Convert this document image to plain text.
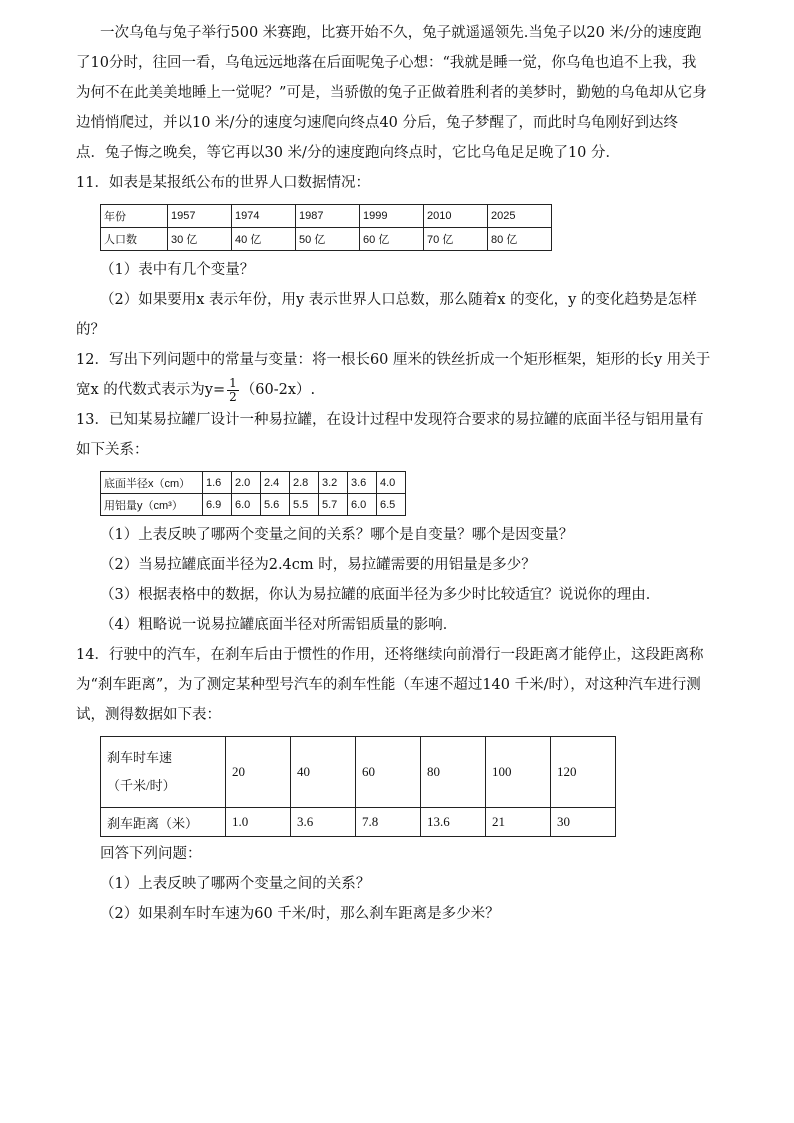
一次乌龟与兔子举行500 米赛跑，比赛开始不久，兔子就遥遥领先.当兔子以20 米/分的速度跑

了10分时，往回一看，乌龟远远地落在后面呢兔子心想：“我就是睡一觉，你乌龟也追不上我，我

为何不在此美美地睡上一觉呢？”可是，当骄傲的兔子正做着胜利者的美梦时，勤勉的乌龟却从它身

边悄悄爬过，并以10 米/分的速度匀速爬向终点40 分后，兔子梦醒了，而此时乌龟刚好到达终

点．兔子悔之晚矣，等它再以30 米/分的速度跑向终点时，它比乌龟足足晚了10 分．

11．如表是某报纸公布的世界人口数据情况：

年份	1957	1974	1987	1999	2010	2025
人口数	30 亿	40 亿	50 亿	60 亿	70 亿	80 亿

（1）表中有几个变量？

（2）如果要用x 表示年份，用y 表示世界人口总数，那么随着x 的变化，y 的变化趋势是怎样

的？

12．写出下列问题中的常量与变量：将一根长60 厘米的铁丝折成一个矩形框架，矩形的长y 用关于

宽x 的代数式表示为$y= \frac{1}{2} (60-2x)$.

13．已知某易拉罐厂设计一种易拉罐，在设计过程中发现符合要求的易拉罐的底面半径与铝用量有

如下关系：

底面半径x（cm）	1.6	2.0	2.4	2.8	3.2	3.6	4.0
用铝量y（cm³）	6.9	6.0	5.6	5.5	5.7	6.0	6.5

（1）上表反映了哪两个变量之间的关系？哪个是自变量？哪个是因变量？

（2）当易拉罐底面半径为2.4cm 时，易拉罐需要的用铝量是多少？

（3）根据表格中的数据，你认为易拉罐的底面半径为多少时比较适宜？说说你的理由．

（4）粗略说一说易拉罐底面半径对所需铝质量的影响．

14．行驶中的汽车，在刹车后由于惯性的作用，还将继续向前滑行一段距离才能停止，这段距离称

为“刹车距离”，为了测定某种型号汽车的刹车性能（车速不超过140 千米/时），对这种汽车进行测

试，测得数据如下表：

刹车时车速
（千米/时）	20	40	60	80	100	120
刹车距离（米）	1.0	3.6	7.8	13.6	21	30

回答下列问题：

（1）上表反映了哪两个变量之间的关系？

（2）如果刹车时车速为60 千米/时，那么刹车距离是多少米？
